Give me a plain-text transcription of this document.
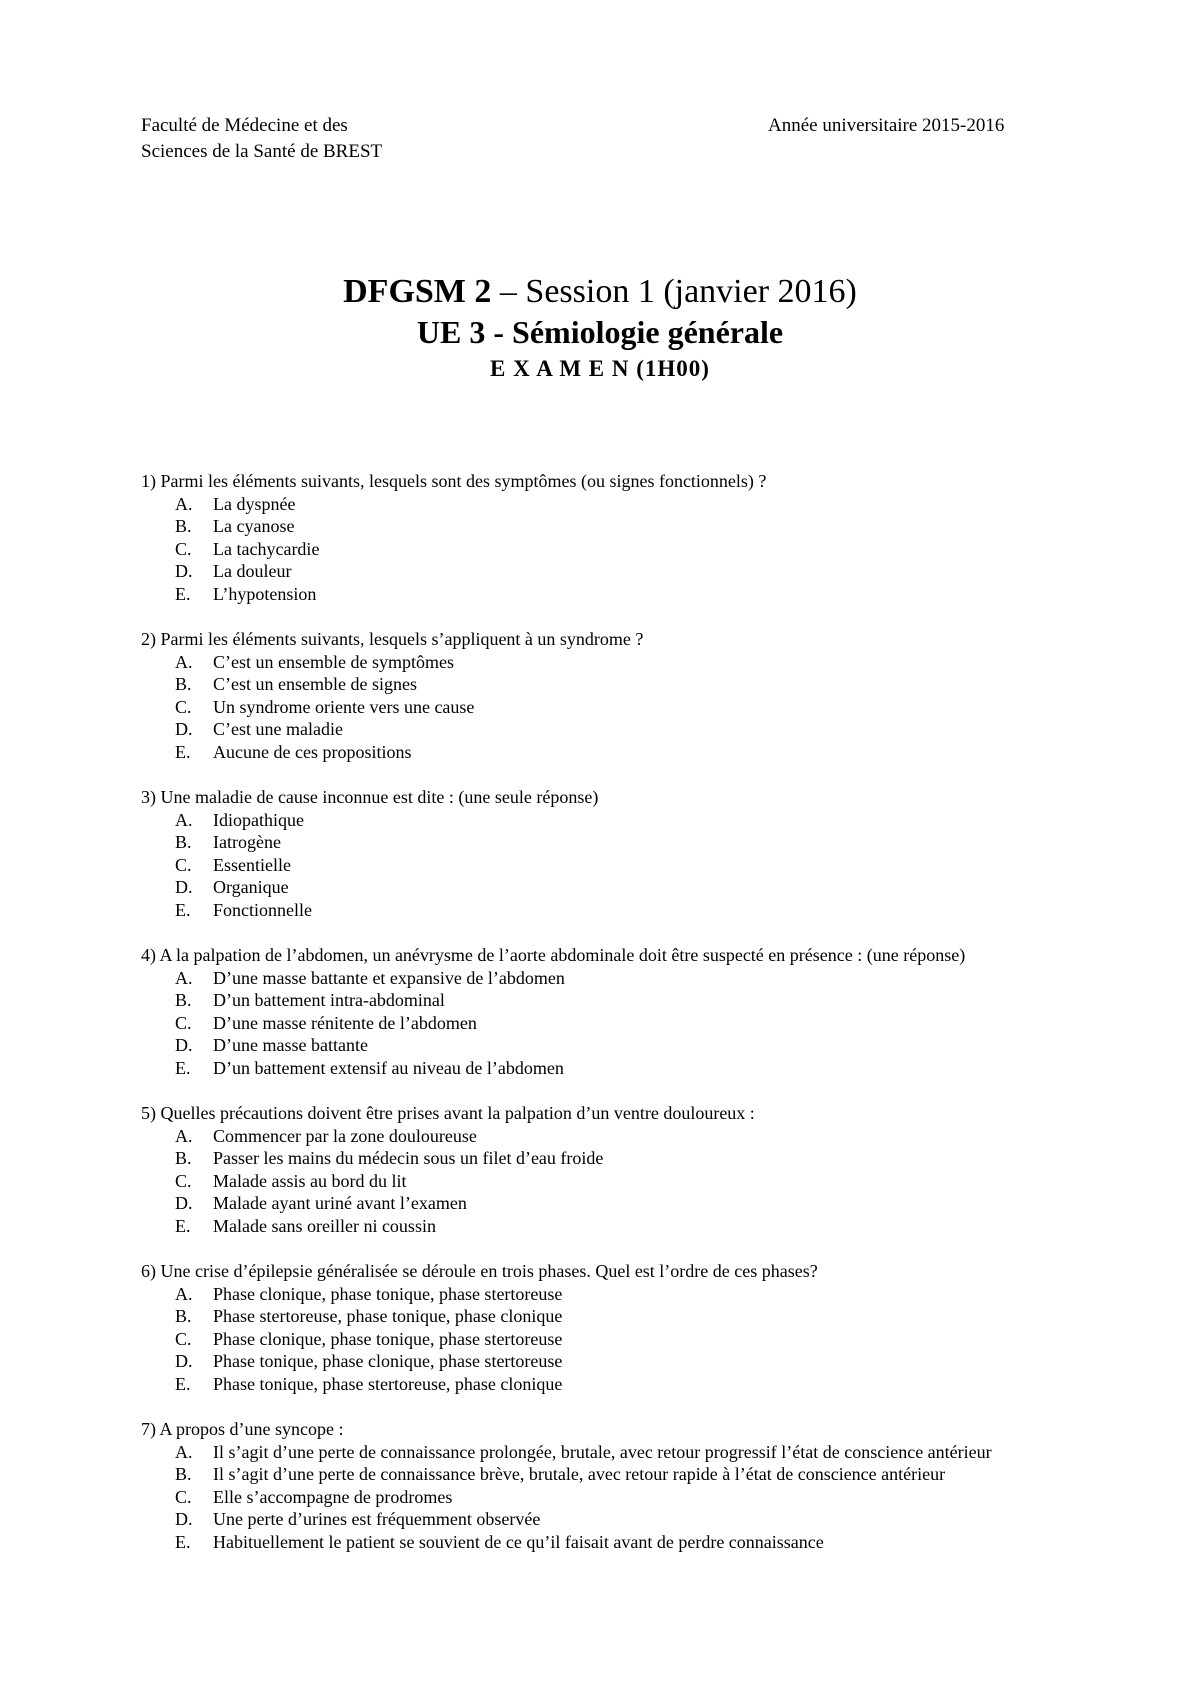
Faculté de Médecine et des
Sciences de la Santé de BREST
Année universitaire 2015-2016
DFGSM 2 – Session 1 (janvier 2016)
UE 3 - Sémiologie générale
E X A M E N (1H00)
1) Parmi les éléments suivants, lesquels sont des symptômes (ou signes fonctionnels) ?
A.	La dyspnée
B.	La cyanose
C.	La tachycardie
D.	La douleur
E.	L’hypotension
2) Parmi les éléments suivants, lesquels s’appliquent à un syndrome ?
A.	C’est un ensemble de symptômes
B.	C’est un ensemble de signes
C.	Un syndrome oriente vers une cause
D.	C’est une maladie
E.	Aucune de ces propositions
3) Une maladie de cause inconnue est dite : (une seule réponse)
A.	Idiopathique
B.	Iatrogène
C.	Essentielle
D.	Organique
E.	Fonctionnelle
4) A la palpation de l’abdomen, un anévrysme de l’aorte abdominale doit être suspecté en présence : (une réponse)
A.	D’une masse battante et expansive de l’abdomen
B.	D’un battement intra-abdominal
C.	D’une masse rénitente de l’abdomen
D.	D’une masse battante
E.	D’un battement extensif au niveau de l’abdomen
5) Quelles précautions doivent être prises avant la palpation d’un ventre douloureux :
A.	Commencer par la zone douloureuse
B.	Passer les mains du médecin sous un filet d’eau froide
C.	Malade assis au bord du lit
D.	Malade ayant uriné avant l’examen
E.	Malade sans oreiller ni coussin
6) Une crise d’épilepsie généralisée se déroule en trois phases. Quel est l’ordre de ces phases?
A.	Phase clonique, phase tonique, phase stertoreuse
B.	Phase stertoreuse, phase tonique, phase clonique
C.	Phase clonique, phase tonique, phase stertoreuse
D.	Phase tonique, phase clonique, phase stertoreuse
E.	Phase tonique, phase stertoreuse, phase clonique
7) A propos d’une syncope :
A.	Il s’agit d’une perte de connaissance prolongée, brutale, avec retour progressif l’état de conscience antérieur
B.	Il s’agit d’une perte de connaissance brève, brutale, avec retour rapide à l’état de conscience antérieur
C.	Elle s’accompagne de prodromes
D.	Une perte d’urines est fréquemment observée
E.	Habituellement le patient se souvient de ce qu’il faisait avant de perdre connaissance
